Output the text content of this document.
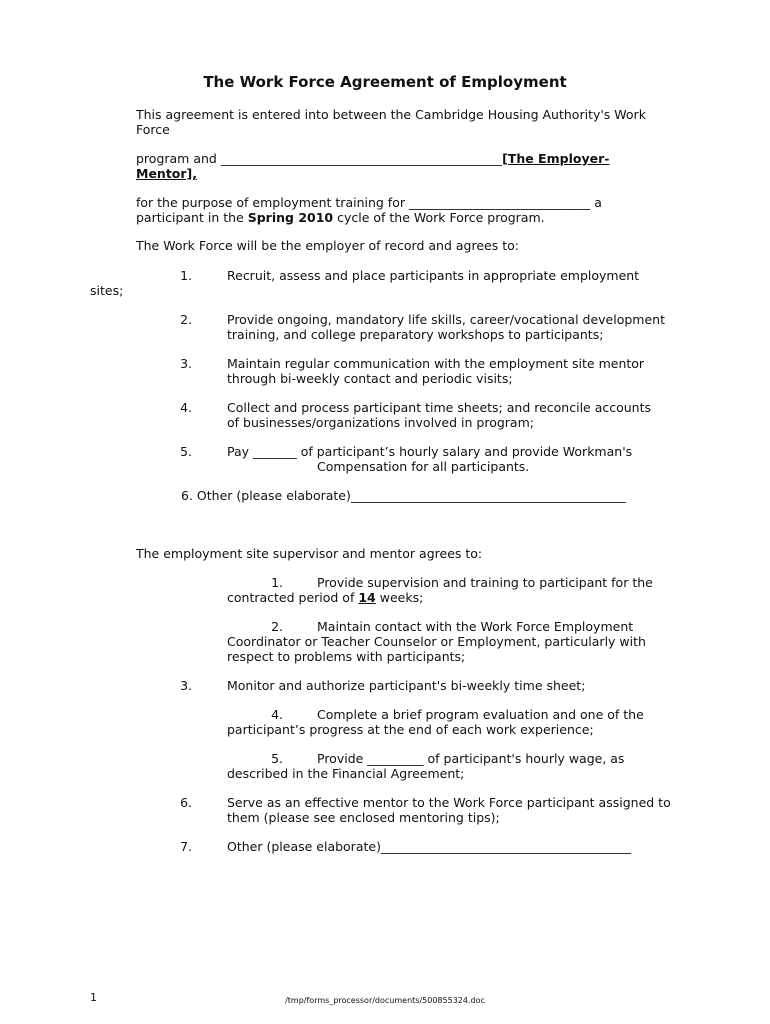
The Work Force Agreement of Employment
This agreement is entered into between the Cambridge Housing Authority's Work
Force
program and _____________________________________________[The Employer-
Mentor],
for the purpose of employment training for _____________________________ a
participant in the Spring 2010 cycle of the Work Force program.
The Work Force will be the employer of record and agrees to:
1.	Recruit, assess and place participants in appropriate employment
sites;
2.	Provide ongoing, mandatory life skills, career/vocational development
training, and college preparatory workshops to participants;
3.	Maintain regular communication with the employment site mentor
through bi-weekly contact and periodic visits;
4.	Collect and process participant time sheets; and reconcile accounts
of businesses/organizations involved in program;
5.	Pay _______ of participant’s hourly salary and provide Workman's
Compensation for all participants.
6. Other (please elaborate)____________________________________________
The employment site supervisor and mentor agrees to:
1.	Provide supervision and training to participant for the
contracted period of 14 weeks;
2.	Maintain contact with the Work Force Employment
Coordinator or Teacher Counselor or Employment, particularly with
respect to problems with participants;
3.	Monitor and authorize participant's bi-weekly time sheet;
4.	Complete a brief program evaluation and one of the
participant’s progress at the end of each work experience;
5.	Provide _________ of participant's hourly wage, as
described in the Financial Agreement;
6.	Serve as an effective mentor to the Work Force participant assigned to
them (please see enclosed mentoring tips);
7.	Other (please elaborate)________________________________________
1	/tmp/forms_processor/documents/500855324.doc
